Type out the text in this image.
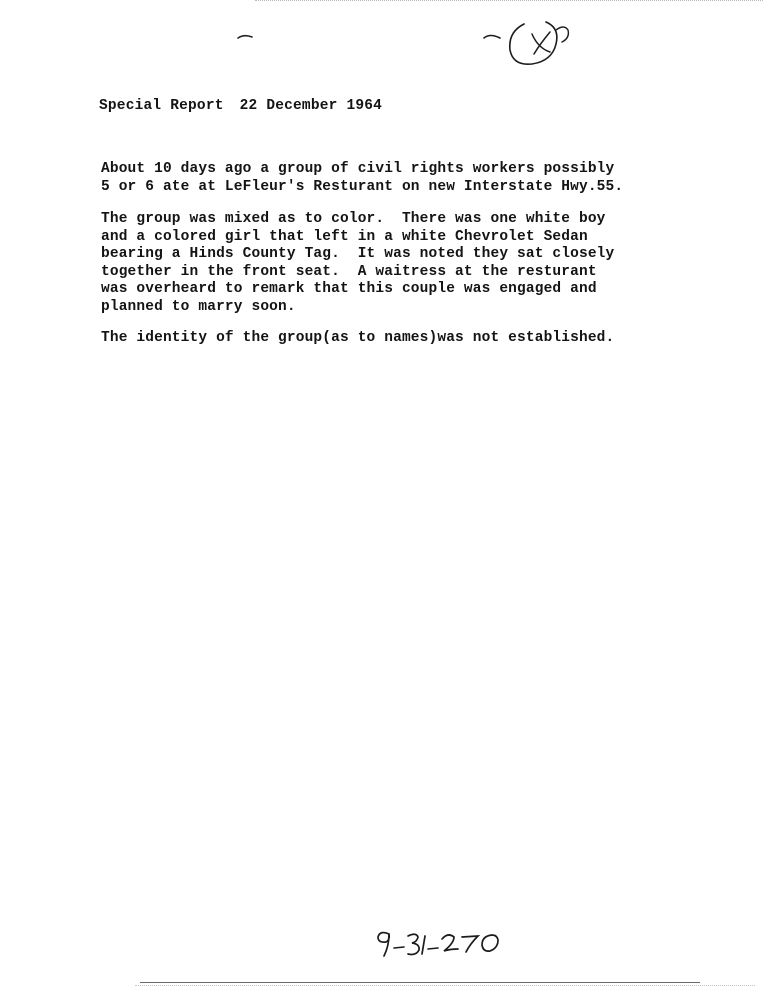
Special Report 22 December 1964

About 10 days ago a group of civil rights workers possibly
5 or 6 ate at LeFleur's Resturant on new Interstate Hwy.55.

The group was mixed as to color.  There was one white boy
and a colored girl that left in a white Chevrolet Sedan
bearing a Hinds County Tag.  It was noted they sat closely
together in the front seat.  A waitress at the resturant
was overheard to remark that this couple was engaged and
planned to marry soon.

The identity of the group(as to names)was not established.
